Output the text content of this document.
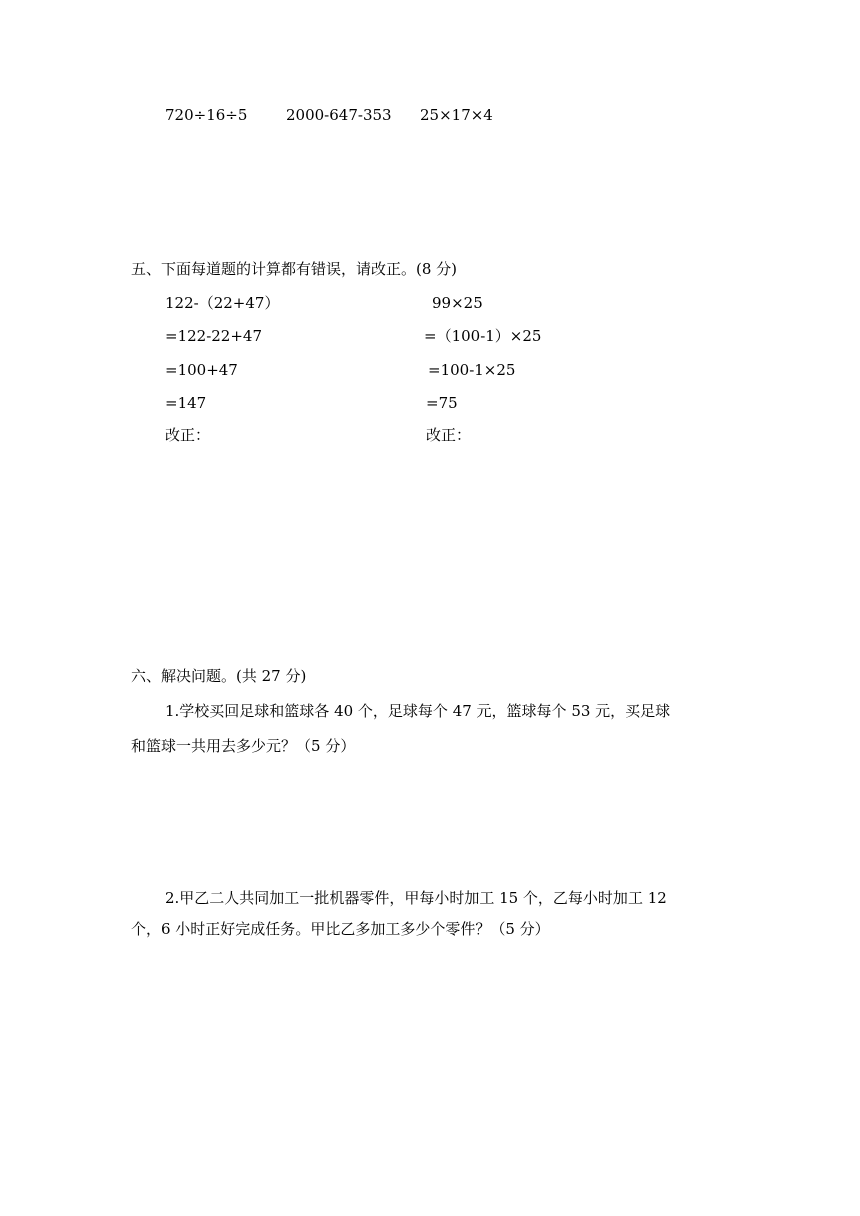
720÷16÷5	2000-647-353 25×17×4
五、下面每道题的计算都有错误，请改正。(8 分)
122-（22+47）
=122-22+47
=100+47
=147
改正：
99×25
=（100-1）×25
=100-1×25
=75
改正：
六、解决问题。(共 27 分)
1.学校买回足球和篮球各 40 个，足球每个 47 元，篮球每个 53 元，买足球
和篮球一共用去多少元？（5 分）
2.甲乙二人共同加工一批机器零件，甲每小时加工 15 个，乙每小时加工 12
个，6 小时正好完成任务。甲比乙多加工多少个零件？（5 分）
